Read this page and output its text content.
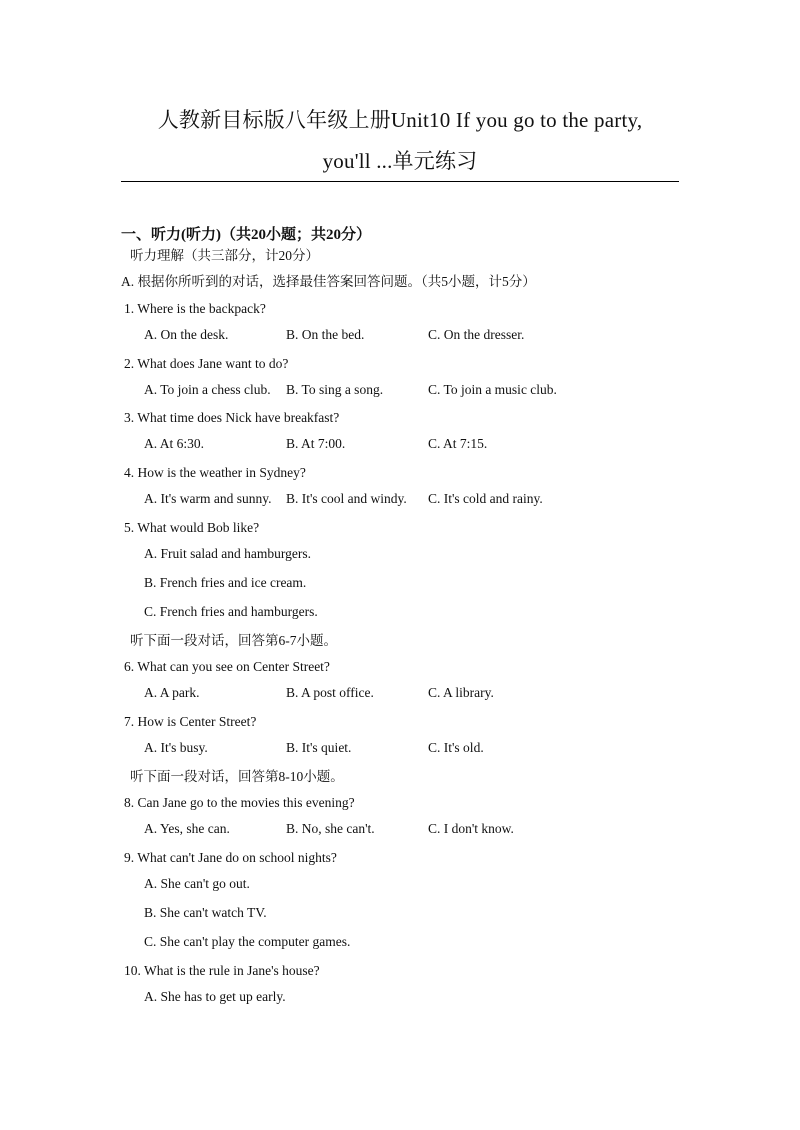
人教新目标版八年级上册Unit10 If you go to the party,
you'll ...单元练习
一、听力(听力)（共20小题；共20分）
听力理解（共三部分，计20分）
A. 根据你所听到的对话，选择最佳答案回答问题。（共5小题，计5分）
1. Where is the backpack?
A. On the desk.	B. On the bed.	C. On the dresser.
2. What does Jane want to do?
A. To join a chess club. B. To sing a song.	C. To join a music club.
3. What time does Nick have breakfast?
A. At 6:30.	B. At 7:00.	C. At 7:15.
4. How is the weather in Sydney?
A. It's warm and sunny. B. It's cool and windy. C. It's cold and rainy.
5. What would Bob like?
A. Fruit salad and hamburgers.
B. French fries and ice cream.
C. French fries and hamburgers.
听下面一段对话，回答第6-7小题。
6. What can you see on Center Street?
A. A park.	B. A post office.	C. A library.
7. How is Center Street?
A. It's busy.	B. It's quiet.	C. It's old.
听下面一段对话，回答第8-10小题。
8. Can Jane go to the movies this evening?
A. Yes, she can.	B. No, she can't.	C. I don't know.
9. What can't Jane do on school nights?
A. She can't go out.
B. She can't watch TV.
C. She can't play the computer games.
10. What is the rule in Jane's house?
A. She has to get up early.
